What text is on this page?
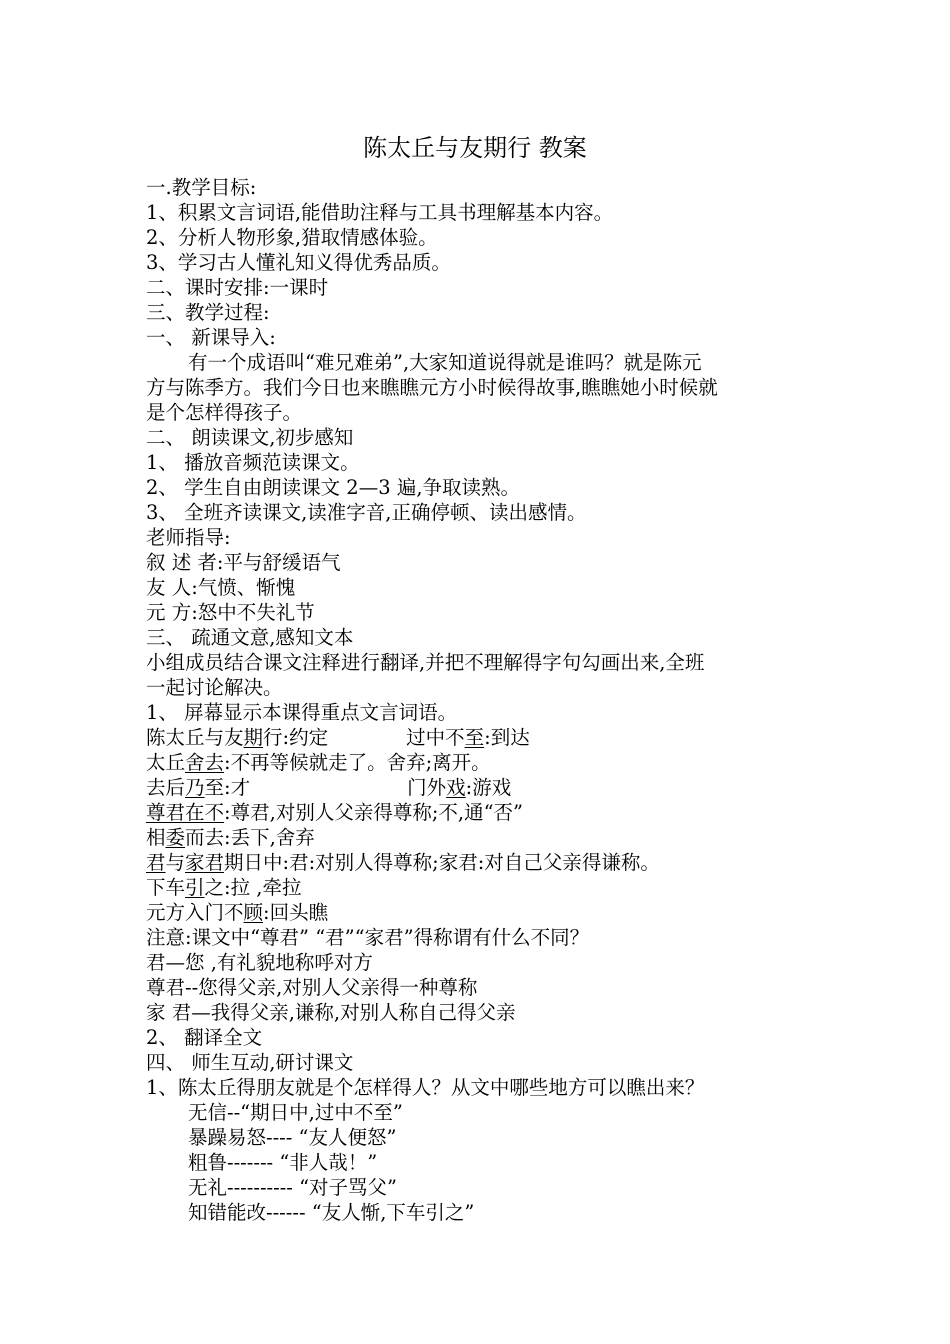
陈太丘与友期行 教案
一.教学目标:
1、积累文言词语,能借助注释与工具书理解基本内容。
2、分析人物形象,猎取情感体验。
3、学习古人懂礼知义得优秀品质。
二、课时安排:一课时
三、教学过程:
一、 新课导入:
有一个成语叫“难兄难弟”,大家知道说得就是谁吗？就是陈元
方与陈季方。我们今日也来瞧瞧元方小时候得故事,瞧瞧她小时候就
是个怎样得孩子。
二、 朗读课文,初步感知
1、 播放音频范读课文。
2、 学生自由朗读课文 2—3 遍,争取读熟。
3、 全班齐读课文,读准字音,正确停顿、读出感情。
老师指导:
叙 述 者:平与舒缓语气
友 人:气愤、惭愧
元 方:怒中不失礼节
三、 疏通文意,感知文本
小组成员结合课文注释进行翻译,并把不理解得字句勾画出来,全班
一起讨论解决。
1、 屏幕显示本课得重点文言词语。
陈太丘与友期行:约定	过中不至:到达
太丘舍去:不再等候就走了。舍弃;离开。
去后乃至:才	门外戏:游戏
尊君在不:尊君,对别人父亲得尊称;不,通“否”
相委而去:丢下,舍弃
君与家君期日中:君:对别人得尊称;家君:对自己父亲得谦称。
下车引之:拉 ,牵拉
元方入门不顾:回头瞧
注意:课文中“尊君” “君”“家君”得称谓有什么不同？
君—您 ,有礼貌地称呼对方
尊君--您得父亲,对别人父亲得一种尊称
家 君—我得父亲,谦称,对别人称自己得父亲
2、 翻译全文
四、 师生互动,研讨课文
1、陈太丘得朋友就是个怎样得人？从文中哪些地方可以瞧出来？
无信--“期日中,过中不至”
暴躁易怒---- “友人便怒”
粗鲁------- “非人哉！”
无礼---------- “对子骂父”
知错能改------ “友人惭,下车引之”
